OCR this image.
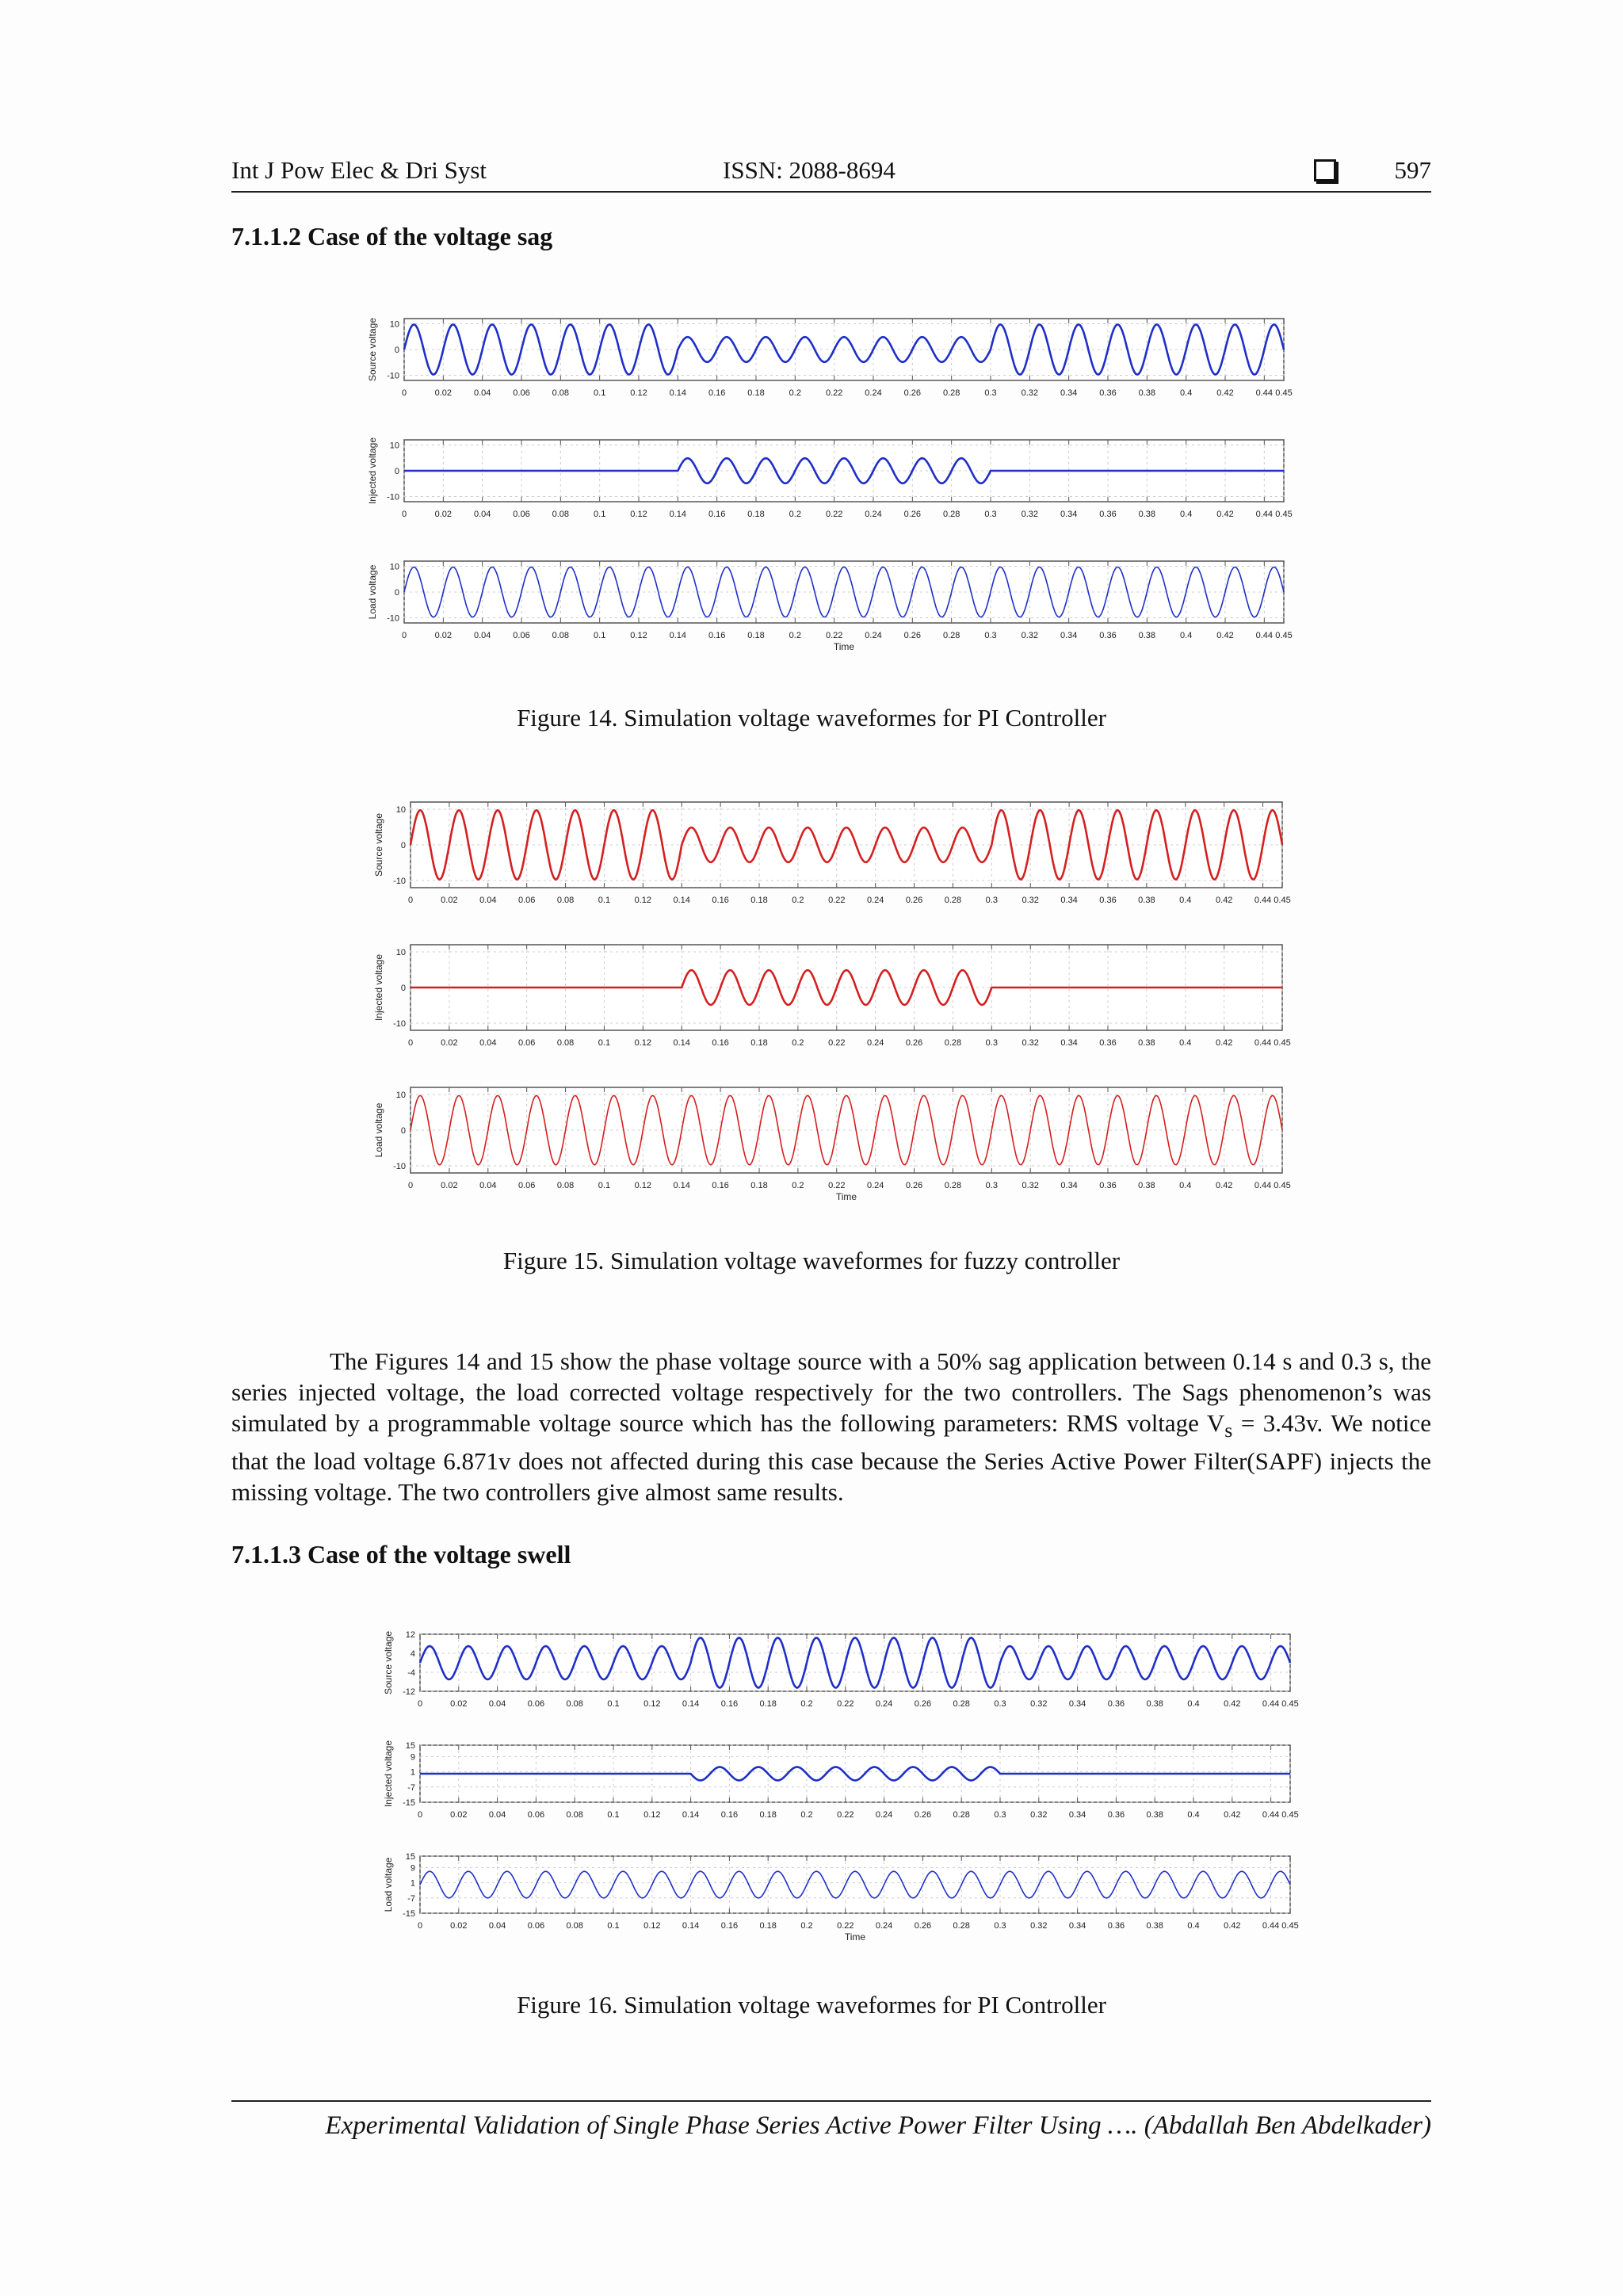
Int J Pow Elec & Dri Syst	ISSN: 2088-8694	597
7.1.1.2 Case of the voltage sag
0	0.02	0.04	0.06	0.08	0.1	0.12	0.14	0.16	0.18	0.2	0.22	0.24	0.26	0.28	0.3	0.32	0.34	0.36	0.38	0.4	0.42	0.44 0.45
10
0
-10
Source voltage
0	0.02	0.04	0.06	0.08	0.1	0.12	0.14	0.16	0.18	0.2	0.22	0.24	0.26	0.28	0.3	0.32	0.34	0.36	0.38	0.4	0.42	0.44 0.45
10
0
-10
Injected voltage
0	0.02	0.04	0.06	0.08	0.1	0.12	0.14	0.16	0.18	0.2	0.22	0.24	0.26	0.28	0.3	0.32	0.34	0.36	0.38	0.4	0.42	0.44 0.45
10
0
-10
Load voltage
Time
Figure 14. Simulation voltage waveformes for PI Controller
0	0.02 0.04 0.06 0.08	0.1	0.12 0.14 0.16 0.18	0.2	0.22 0.24 0.26 0.28	0.3	0.32 0.34 0.36 0.38	0.4	0.42 0.44 0.45
10
0
-10
Source voltage
0	0.02 0.04 0.06 0.08	0.1	0.12 0.14 0.16 0.18	0.2	0.22 0.24 0.26 0.28	0.3	0.32 0.34 0.36 0.38	0.4	0.42 0.44 0.45
10
0
-10
Injected voltage
0	0.02 0.04 0.06 0.08	0.1	0.12 0.14 0.16 0.18	0.2	0.22 0.24 0.26 0.28	0.3	0.32 0.34 0.36 0.38	0.4	0.42 0.44 0.45
10
0
-10
Load voltage
Time
Figure 15. Simulation voltage waveformes for fuzzy controller

The Figures 14 and 15 show the phase voltage source with a 50% sag application between 0.14 s and 0.3 s, the series injected voltage, the load corrected voltage respectively for the two controllers. The Sags phenomenon’s was simulated by a programmable voltage source which has the following parameters: RMS voltage $V_s = 3.43v$. We notice that the load voltage 6.871v does not affected during this case because the Series Active Power Filter(SAPF) injects the missing voltage. The two controllers give almost same results.

7.1.1.3 Case of the voltage swell
0	0.02 0.04 0.06 0.08	0.1	0.12 0.14 0.16 0.18	0.2	0.22 0.24 0.26 0.28	0.3	0.32 0.34 0.36 0.38	0.4	0.42 0.44 0.45
12
4
-4
-12
Source voltage
0	0.02 0.04 0.06 0.08	0.1	0.12 0.14 0.16 0.18	0.2	0.22 0.24 0.26 0.28	0.3	0.32 0.34 0.36 0.38	0.4	0.42 0.44 0.45
15
9
1
-7
-15
Injected voltage
0	0.02 0.04 0.06 0.08	0.1	0.12 0.14 0.16 0.18	0.2	0.22 0.24 0.26 0.28	0.3	0.32 0.34 0.36 0.38	0.4	0.42 0.44 0.45
15
9
1
-7
-15
Load voltage
Time
Figure 16. Simulation voltage waveformes for PI Controller
Experimental Validation of Single Phase Series Active Power Filter Using …. (Abdallah Ben Abdelkader)
